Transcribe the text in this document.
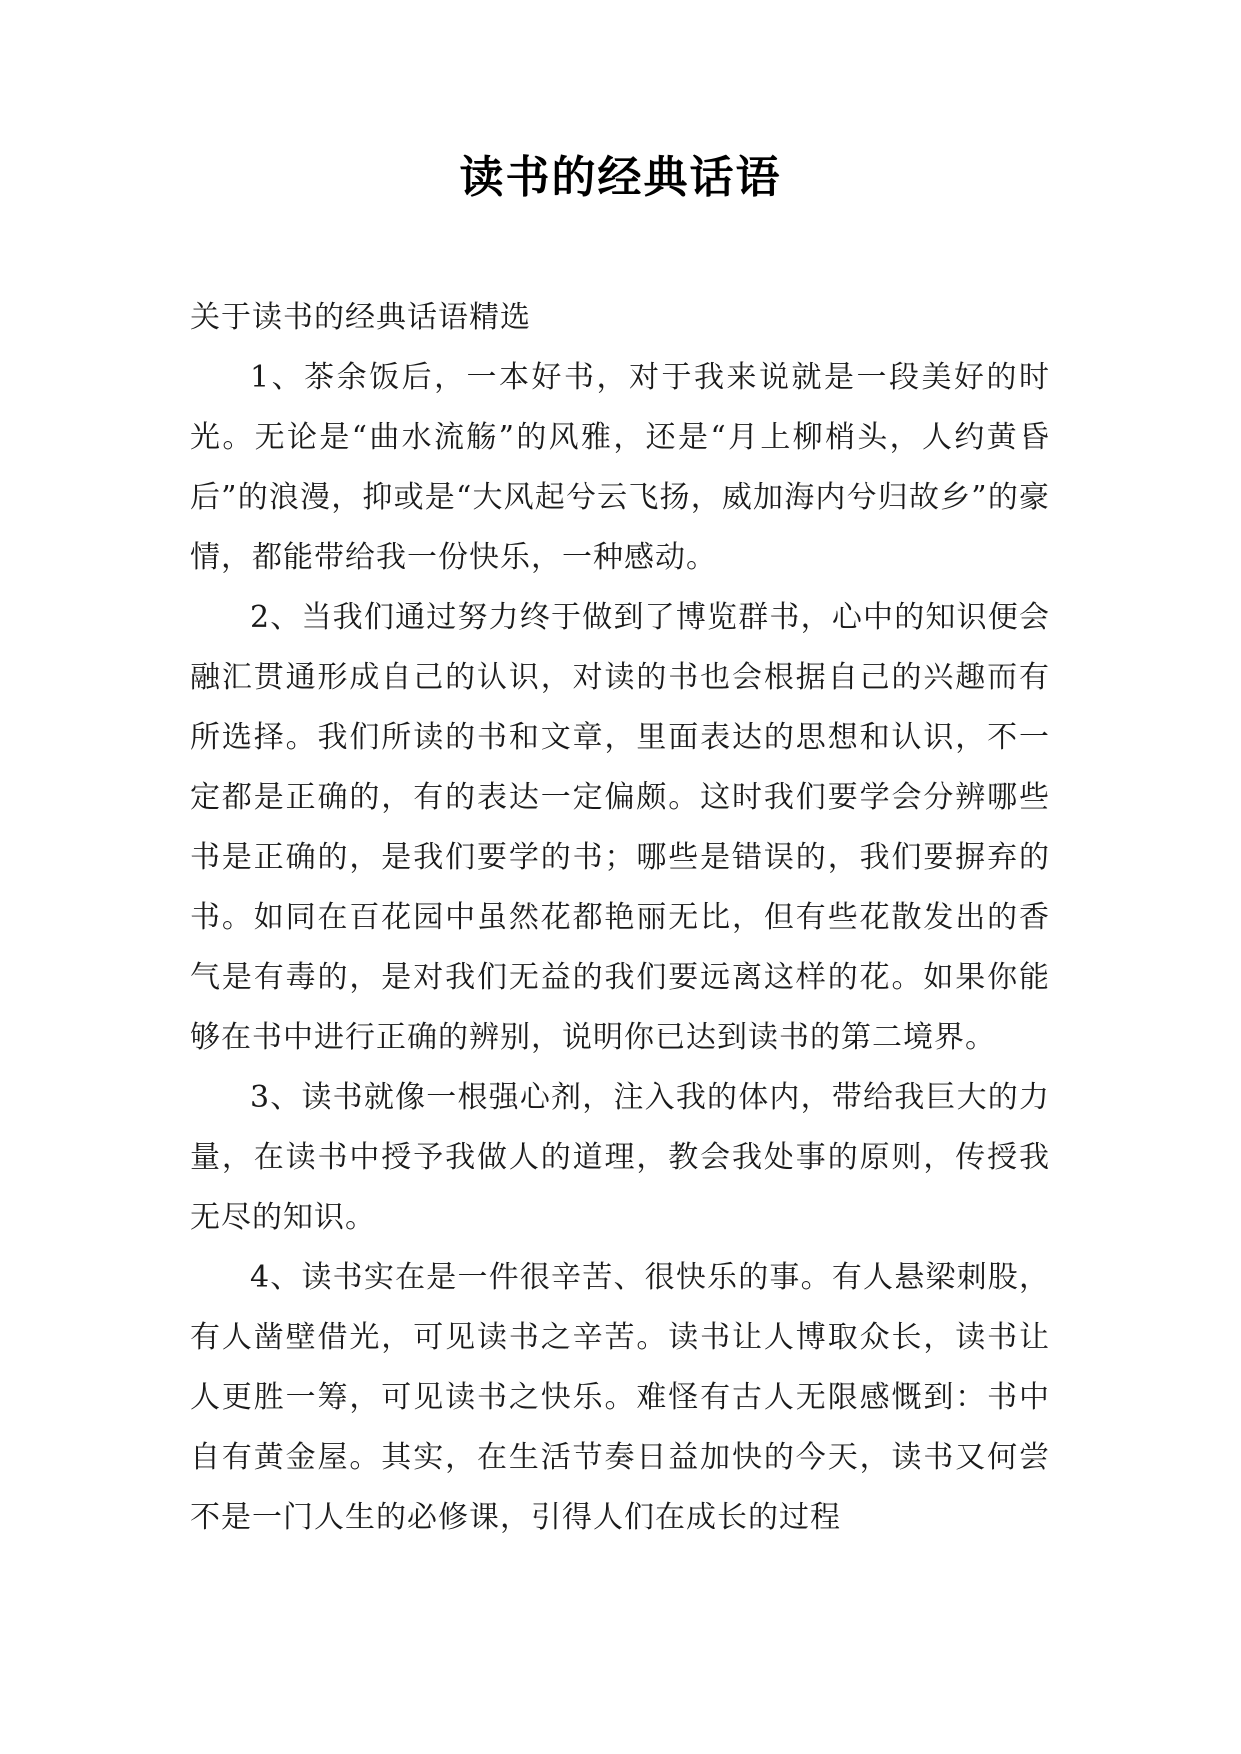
读书的经典话语

关于读书的经典话语精选

1、茶余饭后，一本好书，对于我来说就是一段美好的时光。无论是“曲水流觞”的风雅，还是“月上柳梢头，人约黄昏后”的浪漫，抑或是“大风起兮云飞扬，威加海内兮归故乡”的豪情，都能带给我一份快乐，一种感动。

2、当我们通过努力终于做到了博览群书，心中的知识便会融汇贯通形成自己的认识，对读的书也会根据自己的兴趣而有所选择。我们所读的书和文章，里面表达的思想和认识，不一定都是正确的，有的表达一定偏颇。这时我们要学会分辨哪些书是正确的，是我们要学的书；哪些是错误的，我们要摒弃的书。如同在百花园中虽然花都艳丽无比，但有些花散发出的香气是有毒的，是对我们无益的我们要远离这样的花。如果你能够在书中进行正确的辨别，说明你已达到读书的第二境界。

3、读书就像一根强心剂，注入我的体内，带给我巨大的力量，在读书中授予我做人的道理，教会我处事的原则，传授我无尽的知识。

4、读书实在是一件很辛苦、很快乐的事。有人悬梁刺股，有人凿壁借光，可见读书之辛苦。读书让人博取众长，读书让人更胜一筹，可见读书之快乐。难怪有古人无限感慨到：书中自有黄金屋。其实，在生活节奏日益加快的今天，读书又何尝不是一门人生的必修课，引得人们在成长的过程
